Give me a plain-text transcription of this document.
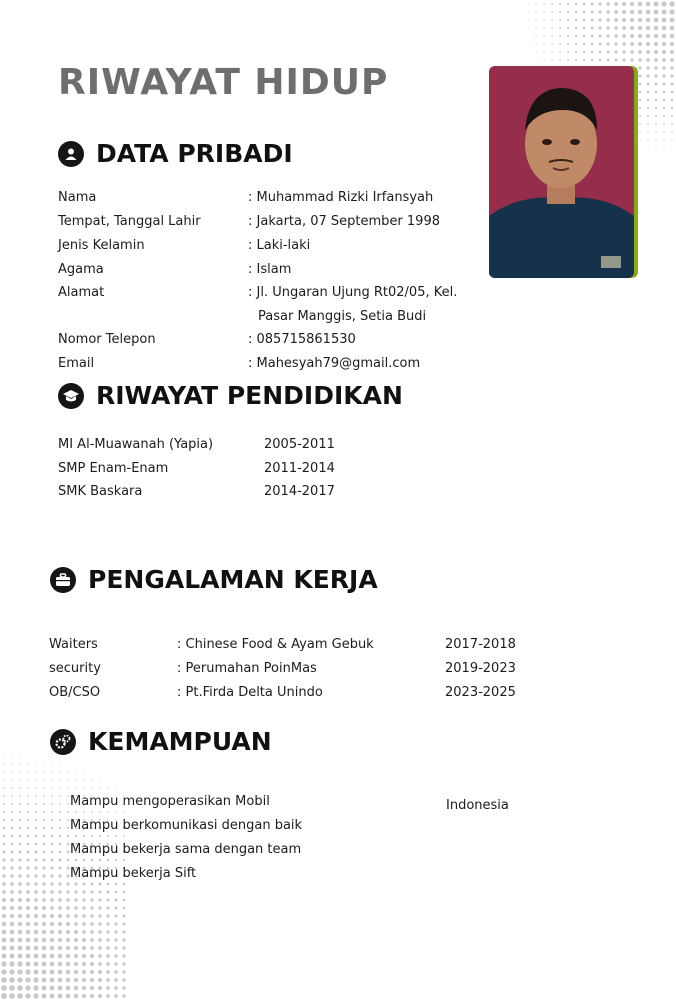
RIWAYAT HIDUP
DATA PRIBADI
Nama	: Muhammad Rizki Irfansyah
Tempat, Tanggal Lahir	: Jakarta, 07 September 1998
Jenis Kelamin	: Laki-laki
Agama	: Islam
Alamat	: Jl. Ungaran Ujung Rt02/05, Kel.
Pasar Manggis, Setia Budi
Nomor Telepon	: 085715861530
Email	: Mahesyah79@gmail.com
RIWAYAT PENDIDIKAN
MI Al-Muawanah (Yapia)	2005-2011
SMP Enam-Enam	2011-2014
SMK Baskara	2014-2017
PENGALAMAN KERJA
Waiters	: Chinese Food & Ayam Gebuk	2017-2018
security	: Perumahan PoinMas	2019-2023
OB/CSO	: Pt.Firda Delta Unindo	2023-2025
KEMAMPUAN
Mampu mengoperasikan Mobil
Mampu berkomunikasi dengan baik
Mampu bekerja sama dengan team
Mampu bekerja Sift
Indonesia
